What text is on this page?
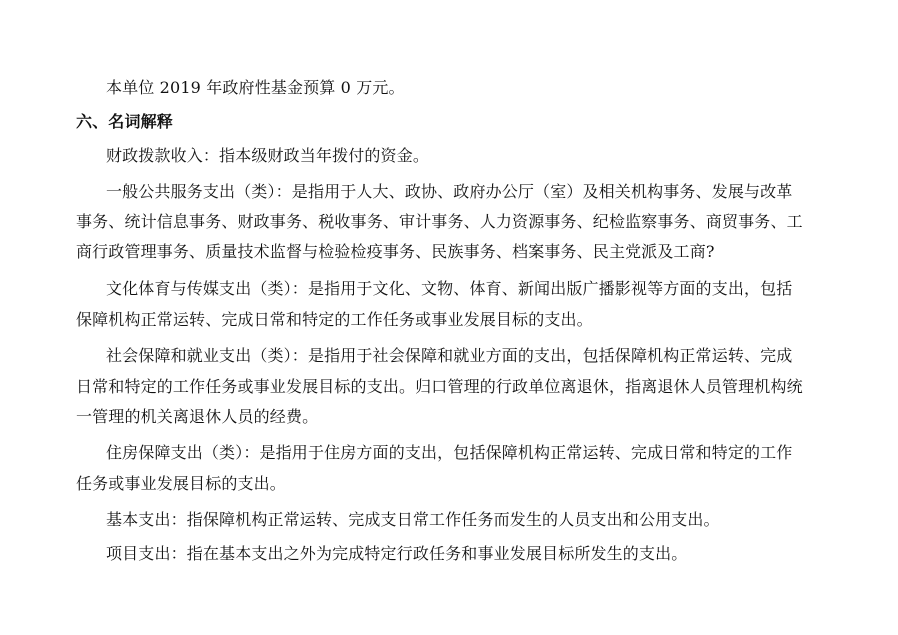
本单位 2019 年政府性基金预算 0 万元。
六、名词解释
财政拨款收入：指本级财政当年拨付的资金。
一般公共服务支出（类）：是指用于人大、政协、政府办公厅（室）及相关机构事务、发展与改革
事务、统计信息事务、财政事务、税收事务、审计事务、人力资源事务、纪检监察事务、商贸事务、工
商行政管理事务、质量技术监督与检验检疫事务、民族事务、档案事务、民主党派及工商?
文化体育与传媒支出（类）：是指用于文化、文物、体育、新闻出版广播影视等方面的支出，包括
保障机构正常运转、完成日常和特定的工作任务或事业发展目标的支出。
社会保障和就业支出（类）：是指用于社会保障和就业方面的支出，包括保障机构正常运转、完成
日常和特定的工作任务或事业发展目标的支出。归口管理的行政单位离退休，指离退休人员管理机构统
一管理的机关离退休人员的经费。
住房保障支出（类）：是指用于住房方面的支出，包括保障机构正常运转、完成日常和特定的工作
任务或事业发展目标的支出。
基本支出：指保障机构正常运转、完成支日常工作任务而发生的人员支出和公用支出。
项目支出：指在基本支出之外为完成特定行政任务和事业发展目标所发生的支出。
